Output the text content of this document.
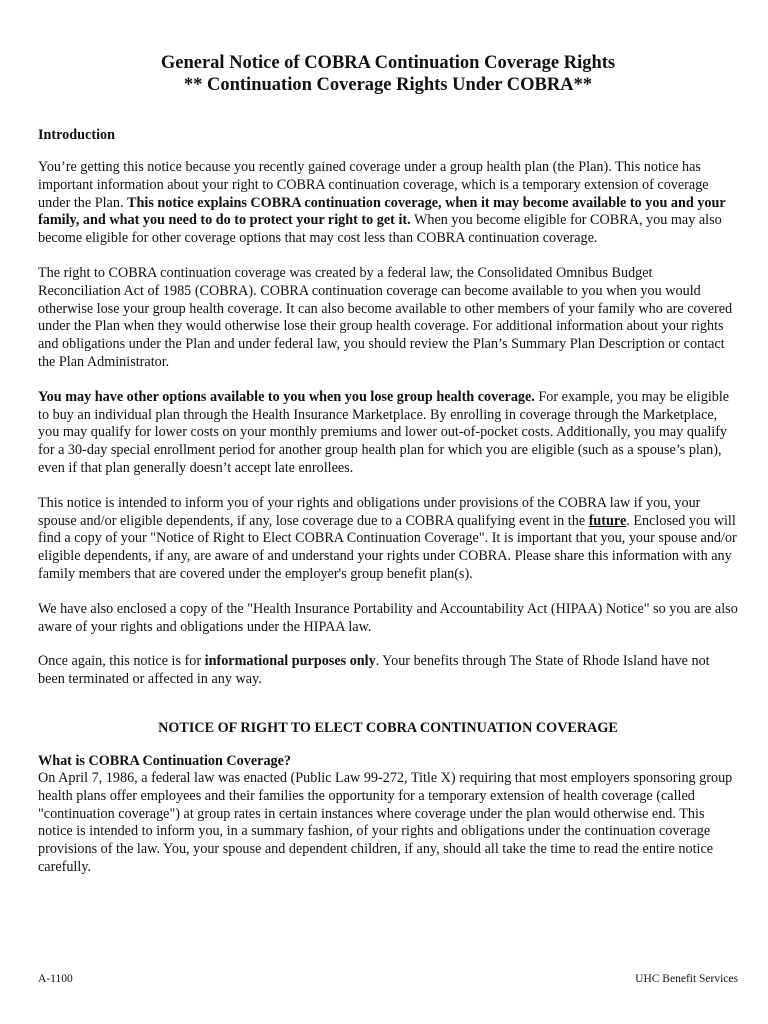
General Notice of COBRA Continuation Coverage Rights
** Continuation Coverage Rights Under COBRA**
Introduction

You’re getting this notice because you recently gained coverage under a group health plan (the Plan). This notice has important information about your right to COBRA continuation coverage, which is a temporary extension of coverage under the Plan. This notice explains COBRA continuation coverage, when it may become available to you and your family, and what you need to do to protect your right to get it. When you become eligible for COBRA, you may also become eligible for other coverage options that may cost less than COBRA continuation coverage.

The right to COBRA continuation coverage was created by a federal law, the Consolidated Omnibus Budget Reconciliation Act of 1985 (COBRA). COBRA continuation coverage can become available to you when you would otherwise lose your group health coverage. It can also become available to other members of your family who are covered under the Plan when they would otherwise lose their group health coverage. For additional information about your rights and obligations under the Plan and under federal law, you should review the Plan’s Summary Plan Description or contact the Plan Administrator.

You may have other options available to you when you lose group health coverage. For example, you may be eligible to buy an individual plan through the Health Insurance Marketplace. By enrolling in coverage through the Marketplace, you may qualify for lower costs on your monthly premiums and lower out-of-pocket costs. Additionally, you may qualify for a 30-day special enrollment period for another group health plan for which you are eligible (such as a spouse’s plan), even if that plan generally doesn’t accept late enrollees.

This notice is intended to inform you of your rights and obligations under provisions of the COBRA law if you, your spouse and/or eligible dependents, if any, lose coverage due to a COBRA qualifying event in the future. Enclosed you will find a copy of your "Notice of Right to Elect COBRA Continuation Coverage". It is important that you, your spouse and/or eligible dependents, if any, are aware of and understand your rights under COBRA. Please share this information with any family members that are covered under the employer's group benefit plan(s).

We have also enclosed a copy of the "Health Insurance Portability and Accountability Act (HIPAA) Notice" so you are also aware of your rights and obligations under the HIPAA law.

Once again, this notice is for informational purposes only. Your benefits through The State of Rhode Island have not been terminated or affected in any way.

NOTICE OF RIGHT TO ELECT COBRA CONTINUATION COVERAGE
What is COBRA Continuation Coverage?

On April 7, 1986, a federal law was enacted (Public Law 99-272, Title X) requiring that most employers sponsoring group health plans offer employees and their families the opportunity for a temporary extension of health coverage (called "continuation coverage") at group rates in certain instances where coverage under the plan would otherwise end. This notice is intended to inform you, in a summary fashion, of your rights and obligations under the continuation coverage provisions of the law. You, your spouse and dependent children, if any, should all take the time to read the entire notice carefully.

A-1100	UHC Benefit Services
